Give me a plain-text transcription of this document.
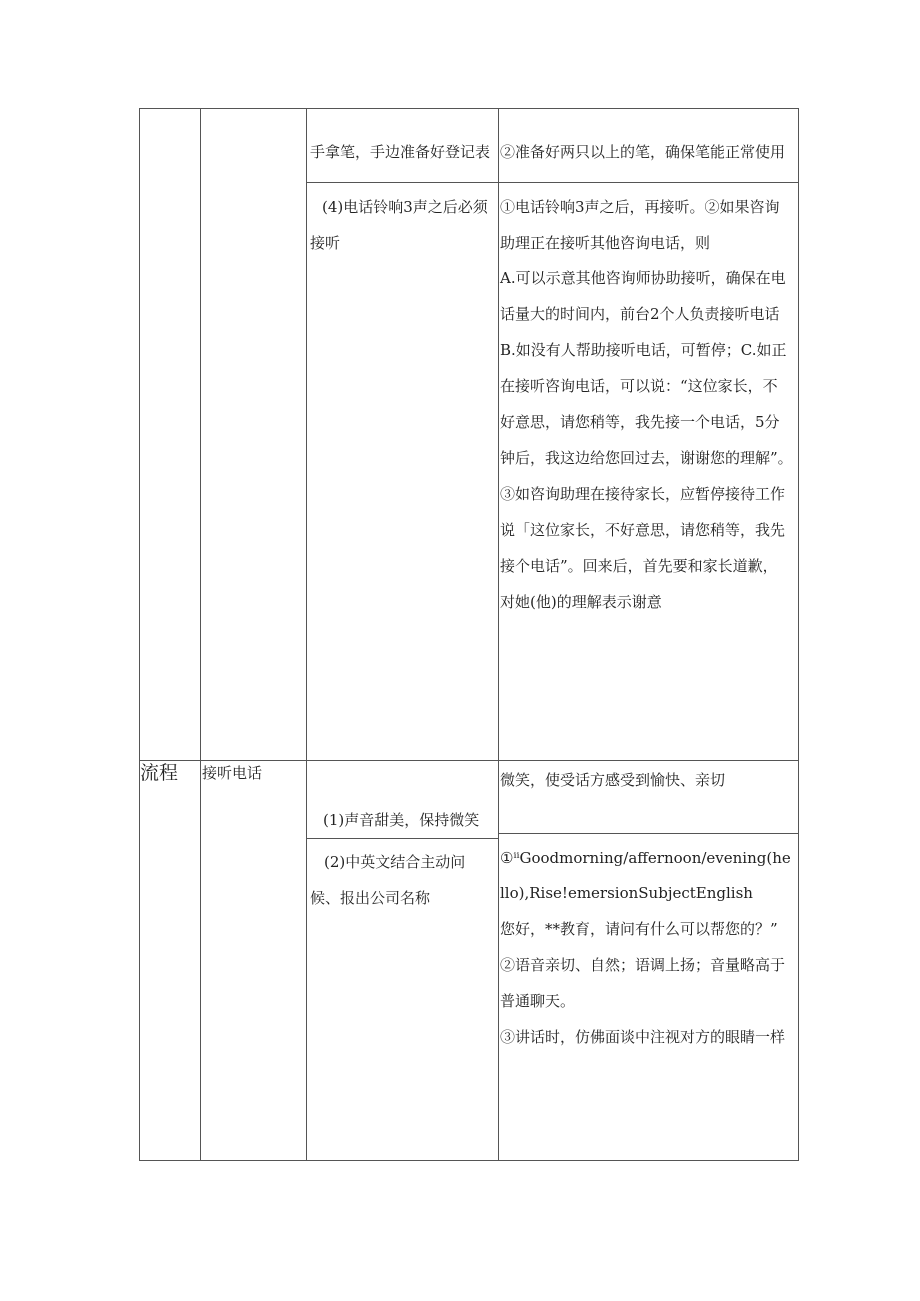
手拿笔，手边准备好登记表 ②准备好两只以上的笔，确保笔能正常使用
(4)电话铃响3声之后必须接听
①电话铃响3声之后，再接听。②如果咨询
助理正在接听其他咨询电话，则
A.可以示意其他咨询师协助接听，确保在电
话量大的时间内，前台2个人负责接听电话
B.如没有人帮助接听电话，可暂停；C.如正
在接听咨询电话，可以说：“这位家长，不
好意思，请您稍等，我先接一个电话，5分
钟后，我这边给您回过去，谢谢您的理解”。
③如咨询助理在接待家长，应暂停接待工作
说「这位家长，不好意思，请您稍等，我先
接个电话”。回来后，首先要和家长道歉，
对她(他)的理解表示谢意
流程 接听电话
(1)声音甜美，保持微笑
微笑，使受话方感受到愉快、亲切
(2)中英文结合主动问候、报出公司名称
①ⁱⁱGoodmorning/affernoon/evening(he
llo),Rise!emersionSubjectEnglish
您好，**教育，请问有什么可以帮您的？”
②语音亲切、自然；语调上扬；音量略高于
普通聊天。
③讲话时，仿佛面谈中注视对方的眼睛一样
